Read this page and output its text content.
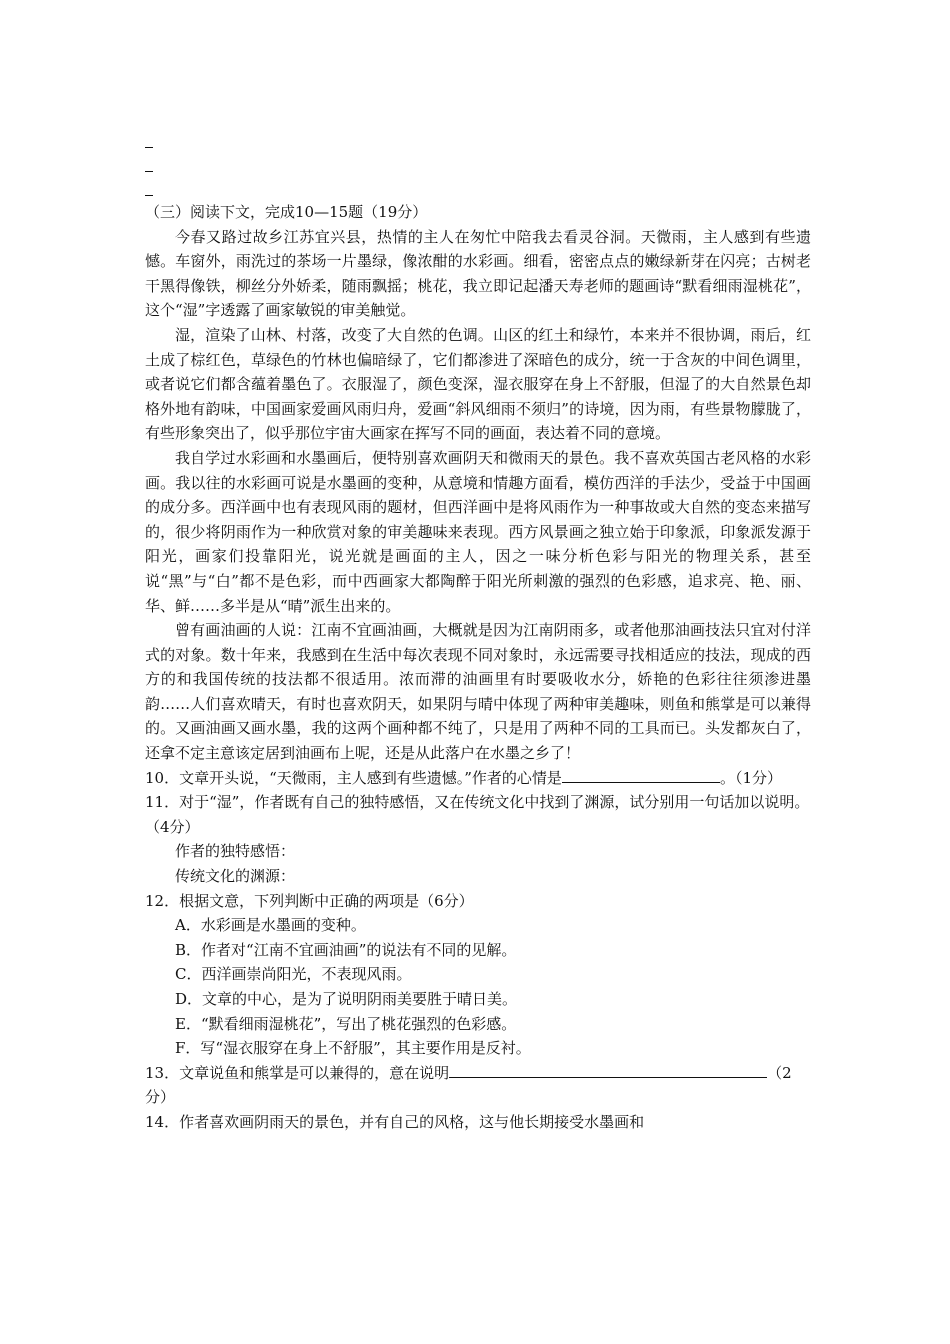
（三）阅读下文，完成10—15题（19分）

今春又路过故乡江苏宜兴县，热情的主人在匆忙中陪我去看灵谷洞。天微雨，主人感到有些遗憾。车窗外，雨洗过的茶场一片墨绿，像浓酣的水彩画。细看，密密点点的嫩绿新芽在闪亮；古树老干黑得像铁，柳丝分外娇柔，随雨飘摇；桃花，我立即记起潘天寿老师的题画诗“默看细雨湿桃花”，这个“湿”字透露了画家敏锐的审美触觉。

湿，渲染了山林、村落，改变了大自然的色调。山区的红土和绿竹，本来并不很协调，雨后，红土成了棕红色，草绿色的竹林也偏暗绿了，它们都渗进了深暗色的成分，统一于含灰的中间色调里，或者说它们都含蕴着墨色了。衣服湿了，颜色变深，湿衣服穿在身上不舒服，但湿了的大自然景色却格外地有韵味，中国画家爱画风雨归舟，爱画“斜风细雨不须归”的诗境，因为雨，有些景物朦胧了，有些形象突出了，似乎那位宇宙大画家在挥写不同的画面，表达着不同的意境。

我自学过水彩画和水墨画后，便特别喜欢画阴天和微雨天的景色。我不喜欢英国古老风格的水彩画。我以往的水彩画可说是水墨画的变种，从意境和情趣方面看，模仿西洋的手法少，受益于中国画的成分多。西洋画中也有表现风雨的题材，但西洋画中是将风雨作为一种事故或大自然的变态来描写的，很少将阴雨作为一种欣赏对象的审美趣味来表现。西方风景画之独立始于印象派，印象派发源于阳光，画家们投靠阳光，说光就是画面的主人，因之一味分析色彩与阳光的物理关系，甚至说“黑”与“白”都不是色彩，而中西画家大都陶醉于阳光所刺激的强烈的色彩感，追求亮、艳、丽、华、鲜……多半是从“晴”派生出来的。

曾有画油画的人说：江南不宜画油画，大概就是因为江南阴雨多，或者他那油画技法只宜对付洋式的对象。数十年来，我感到在生活中每次表现不同对象时，永远需要寻找相适应的技法，现成的西方的和我国传统的技法都不很适用。浓而滞的油画里有时要吸收水分，娇艳的色彩往往须渗进墨韵……人们喜欢晴天，有时也喜欢阴天，如果阴与晴中体现了两种审美趣味，则鱼和熊掌是可以兼得的。又画油画又画水墨，我的这两个画种都不纯了，只是用了两种不同的工具而已。头发都灰白了，还拿不定主意该定居到油画布上呢，还是从此落户在水墨之乡了！

10．文章开头说，“天微雨，主人感到有些遗憾。”作者的心情是	。（1分）

11．对于“湿”，作者既有自己的独特感悟，又在传统文化中找到了渊源，试分别用一句话加以说明。（4分）

作者的独特感悟：

传统文化的渊源：

12．根据文意，下列判断中正确的两项是（6分）

A．水彩画是水墨画的变种。

B．作者对“江南不宜画油画”的说法有不同的见解。

C．西洋画崇尚阳光，不表现风雨。

D．文章的中心，是为了说明阴雨美要胜于晴日美。

E．“默看细雨湿桃花”，写出了桃花强烈的色彩感。

F．写“湿衣服穿在身上不舒服”，其主要作用是反衬。

13．文章说鱼和熊掌是可以兼得的，意在说明	（2分）

14．作者喜欢画阴雨天的景色，并有自己的风格，这与他长期接受水墨画和
